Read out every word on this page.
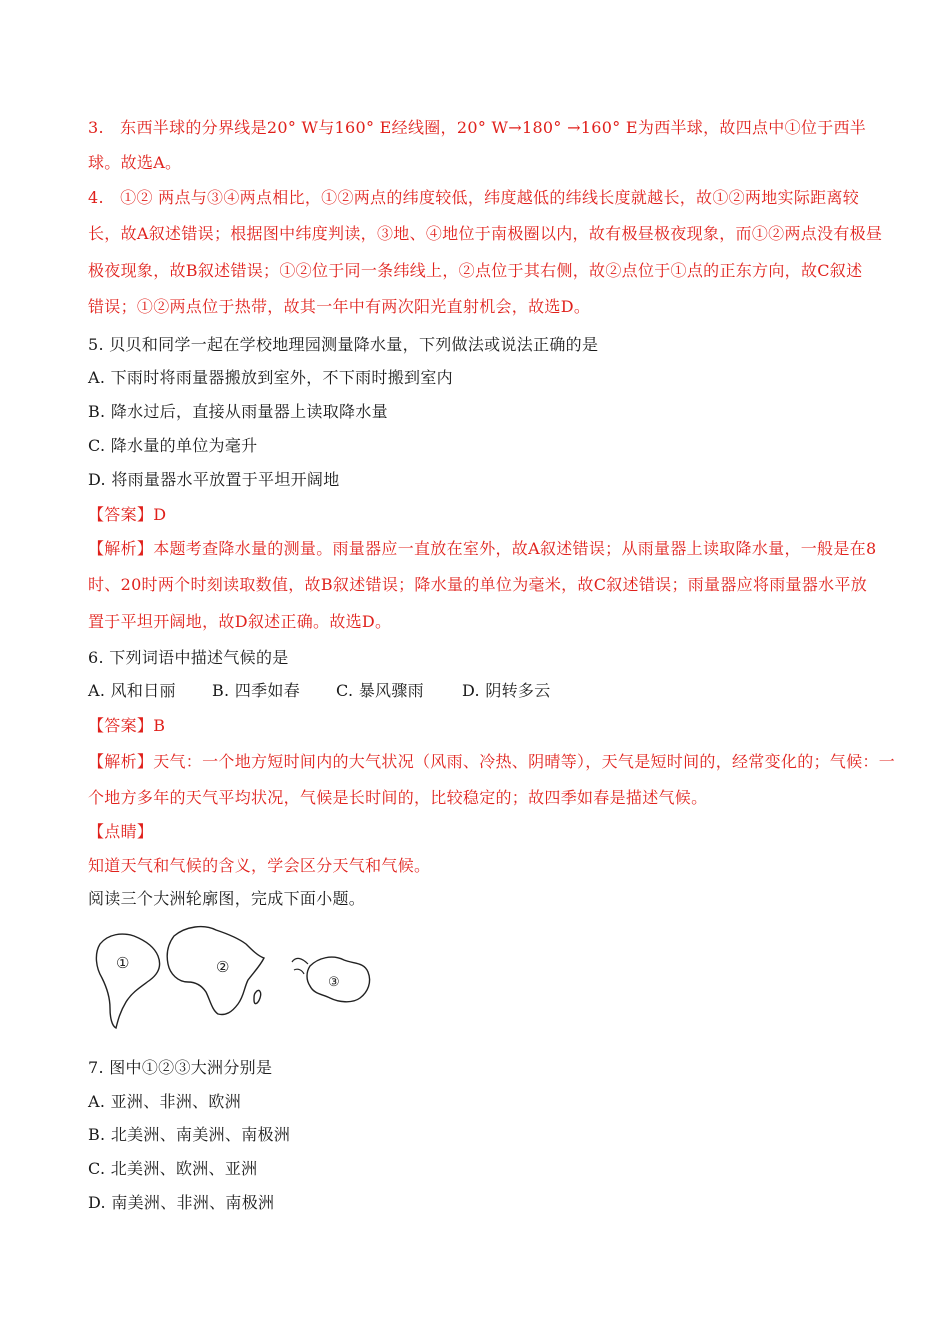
3.　东西半球的分界线是20° W与160° E经线圈，20° W→180° →160° E为西半球，故四点中①位于西半
球。故选A。
4.　①② 两点与③④两点相比，①②两点的纬度较低，纬度越低的纬线长度就越长，故①②两地实际距离较
长，故A叙述错误；根据图中纬度判读，③地、④地位于南极圈以内，故有极昼极夜现象，而①②两点没有极昼
极夜现象，故B叙述错误；①②位于同一条纬线上，②点位于其右侧，故②点位于①点的正东方向，故C叙述
错误；①②两点位于热带，故其一年中有两次阳光直射机会，故选D。
5. 贝贝和同学一起在学校地理园测量降水量，下列做法或说法正确的是
A. 下雨时将雨量器搬放到室外，不下雨时搬到室内
B. 降水过后，直接从雨量器上读取降水量
C. 降水量的单位为毫升
D. 将雨量器水平放置于平坦开阔地
【答案】D
【解析】本题考查降水量的测量。雨量器应一直放在室外，故A叙述错误；从雨量器上读取降水量，一般是在8
时、20时两个时刻读取数值，故B叙述错误；降水量的单位为毫米，故C叙述错误；雨量器应将雨量器水平放
置于平坦开阔地，故D叙述正确。故选D。
6. 下列词语中描述气候的是
A. 风和日丽 B. 四季如春 C. 暴风骤雨 D. 阴转多云
【答案】B
【解析】天气：一个地方短时间内的大气状况（风雨、冷热、阴晴等），天气是短时间的，经常变化的；气候：一
个地方多年的天气平均状况，气候是长时间的，比较稳定的；故四季如春是描述气候。
【点睛】
知道天气和气候的含义，学会区分天气和气候。
阅读三个大洲轮廓图，完成下面小题。
①	②
③
7. 图中①②③大洲分别是
A. 亚洲、非洲、欧洲
B. 北美洲、南美洲、南极洲
C. 北美洲、欧洲、亚洲
D. 南美洲、非洲、南极洲
